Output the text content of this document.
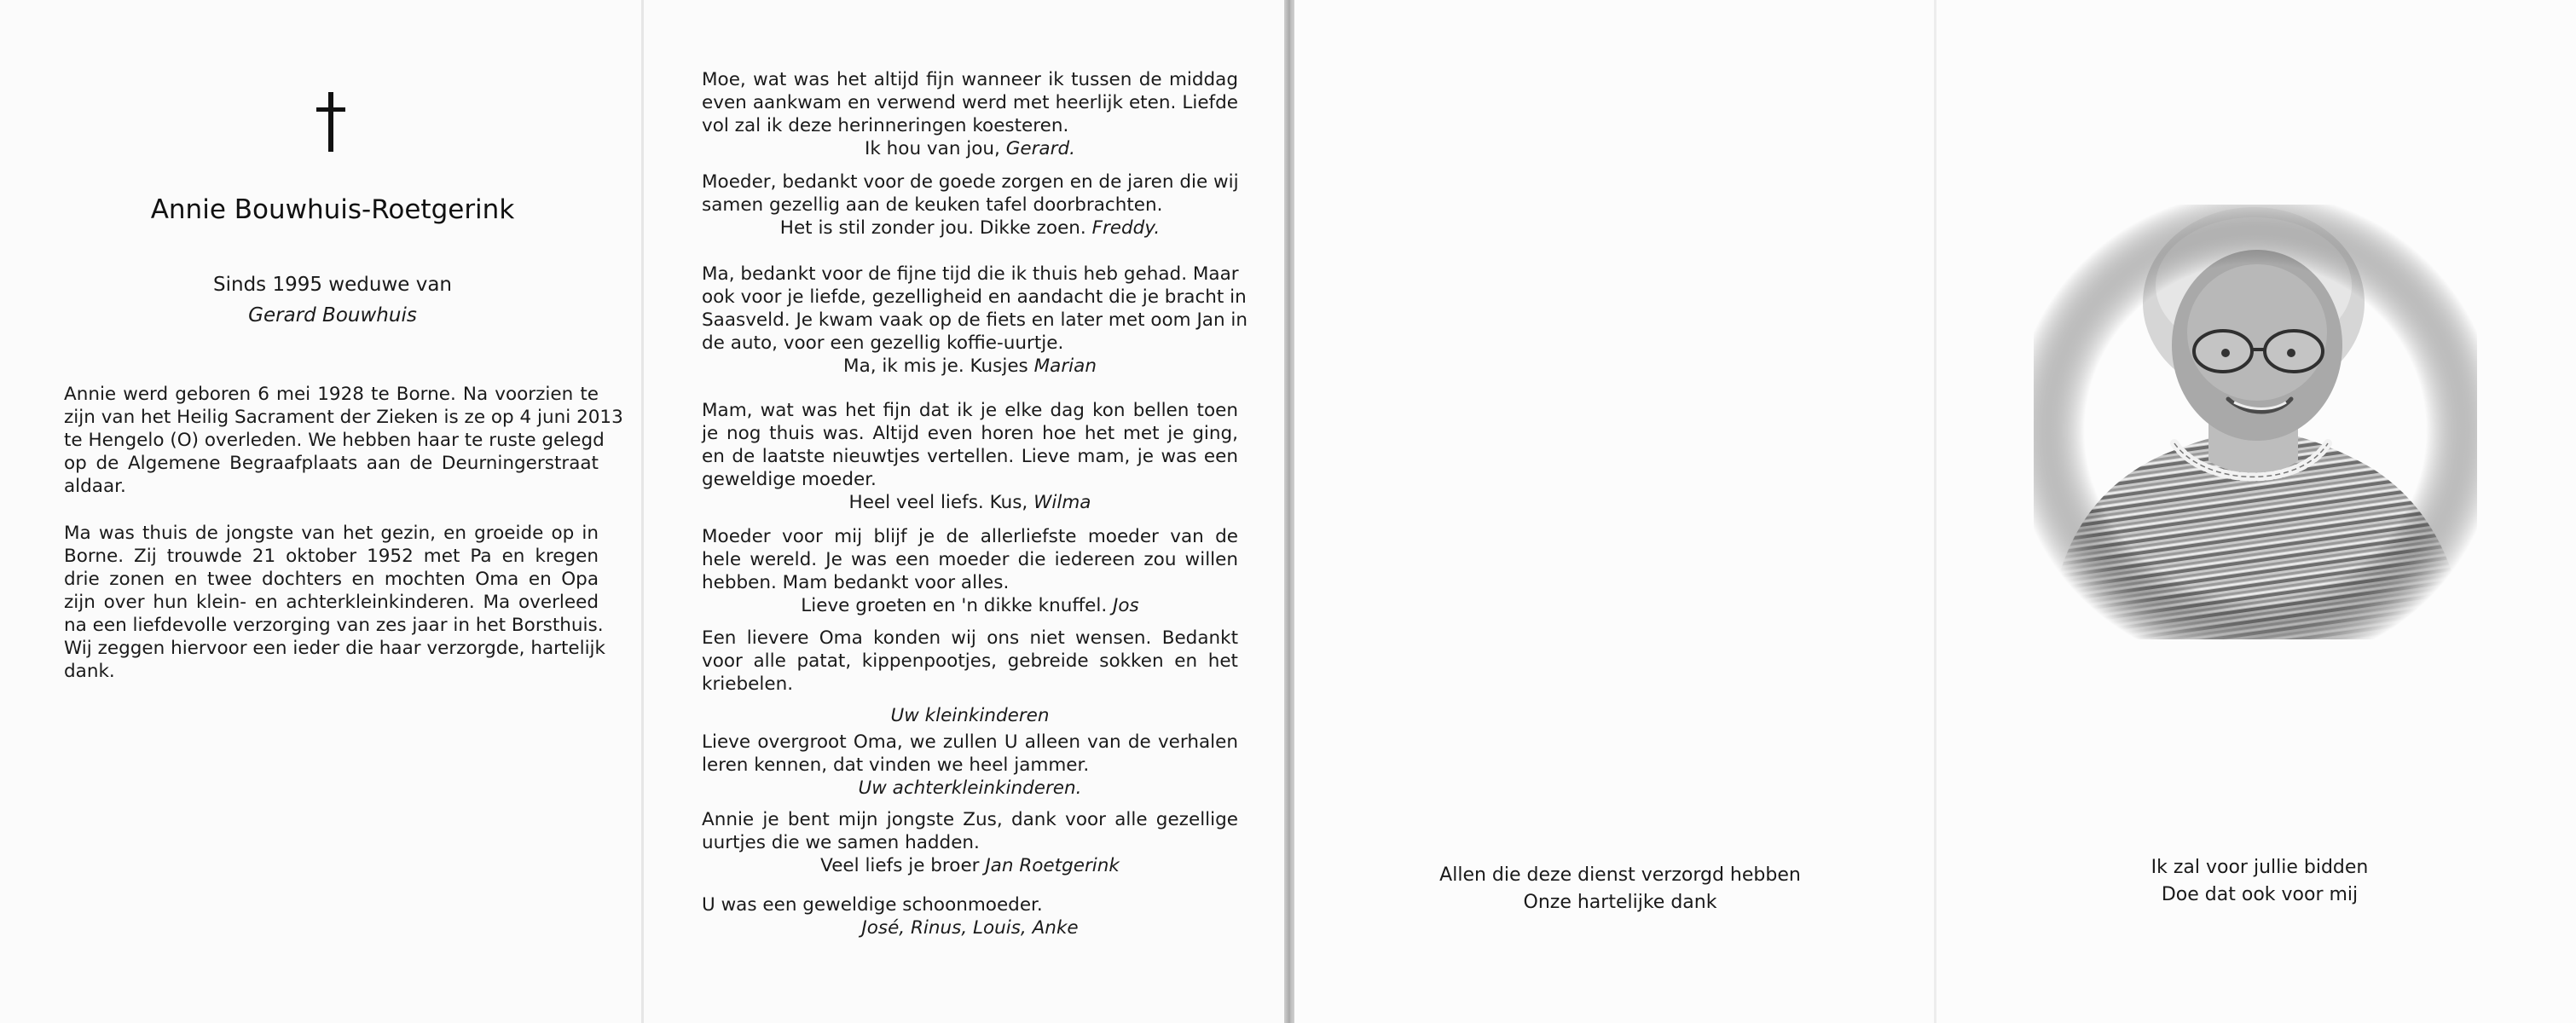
Annie Bouwhuis-Roetgerink
Sinds 1995 weduwe van
Gerard Bouwhuis
Annie werd geboren 6 mei 1928 te Borne. Na voorzien te
zijn van het Heilig Sacrament der Zieken is ze op 4 juni 2013
te Hengelo (O) overleden. We hebben haar te ruste gelegd
op de Algemene Begraafplaats aan de Deurningerstraat
aldaar.
Ma was thuis de jongste van het gezin, en groeide op in
Borne. Zij trouwde 21 oktober 1952 met Pa en kregen
drie zonen en twee dochters en mochten Oma en Opa
zijn over hun klein- en achterkleinkinderen. Ma overleed
na een liefdevolle verzorging van zes jaar in het Borsthuis.
Wij zeggen hiervoor een ieder die haar verzorgde, hartelijk
dank.
Moe, wat was het altijd fijn wanneer ik tussen de middag
even aankwam en verwend werd met heerlijk eten. Liefde
vol zal ik deze herinneringen koesteren.
Ik hou van jou, Gerard.
Moeder, bedankt voor de goede zorgen en de jaren die wij
samen gezellig aan de keuken tafel doorbrachten.
Het is stil zonder jou. Dikke zoen. Freddy.
Ma, bedankt voor de fijne tijd die ik thuis heb gehad. Maar
ook voor je liefde, gezelligheid en aandacht die je bracht in
Saasveld. Je kwam vaak op de fiets en later met oom Jan in
de auto, voor een gezellig koffie-uurtje.
Ma, ik mis je. Kusjes Marian
Mam, wat was het fijn dat ik je elke dag kon bellen toen
je nog thuis was. Altijd even horen hoe het met je ging,
en de laatste nieuwtjes vertellen. Lieve mam, je was een
geweldige moeder.
Heel veel liefs. Kus, Wilma
Moeder voor mij blijf je de allerliefste moeder van de
hele wereld. Je was een moeder die iedereen zou willen
hebben. Mam bedankt voor alles.
Lieve groeten en 'n dikke knuffel. Jos
Een lievere Oma konden wij ons niet wensen. Bedankt
voor alle patat, kippenpootjes, gebreide sokken en het
kriebelen.
Uw kleinkinderen
Lieve overgroot Oma, we zullen U alleen van de verhalen
leren kennen, dat vinden we heel jammer.
Uw achterkleinkinderen.
Annie je bent mijn jongste Zus, dank voor alle gezellige
uurtjes die we samen hadden.
Veel liefs je broer Jan Roetgerink
U was een geweldige schoonmoeder.
José, Rinus, Louis, Anke
Allen die deze dienst verzorgd hebben
Onze hartelijke dank
Ik zal voor jullie bidden
Doe dat ook voor mij
